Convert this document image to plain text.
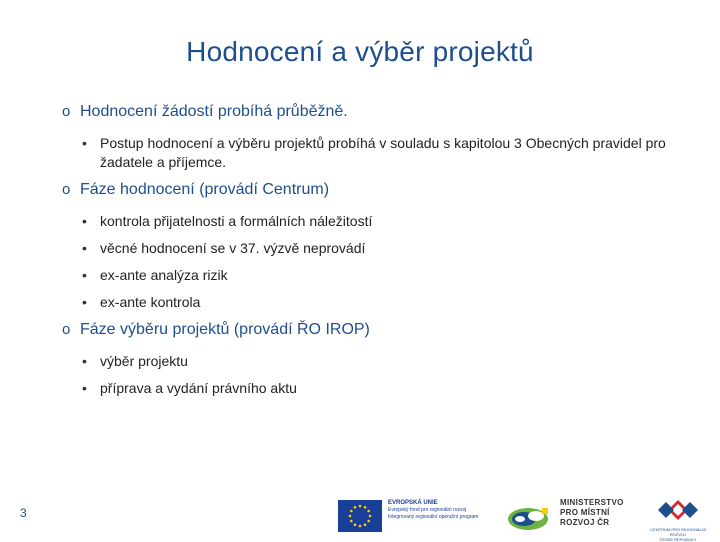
Hodnocení a výběr projektů
o Hodnocení žádostí probíhá průběžně.
• Postup hodnocení a výběru projektů probíhá v souladu s kapitolou 3 Obecných pravidel pro žadatele a příjemce.
o Fáze hodnocení (provádí Centrum)
• kontrola přijatelnosti a formálních náležitostí
• věcné hodnocení se v 37. výzvě neprovádí
• ex-ante analýza rizik
• ex-ante kontrola
o Fáze výběru projektů (provádí ŘO IROP)
• výběr projektu
• příprava a vydání právního aktu
3
EVROPSKÁ UNIE
Evropský fond pro regionální rozvoj
Integrovaný regionální operační program
MINISTERSTVO
PRO MÍSTNÍ
ROZVOJ ČR
CENTRUM PRO REGIONÁLNÍ ROZVOJ
ČESKÉ REPUBLIKY
